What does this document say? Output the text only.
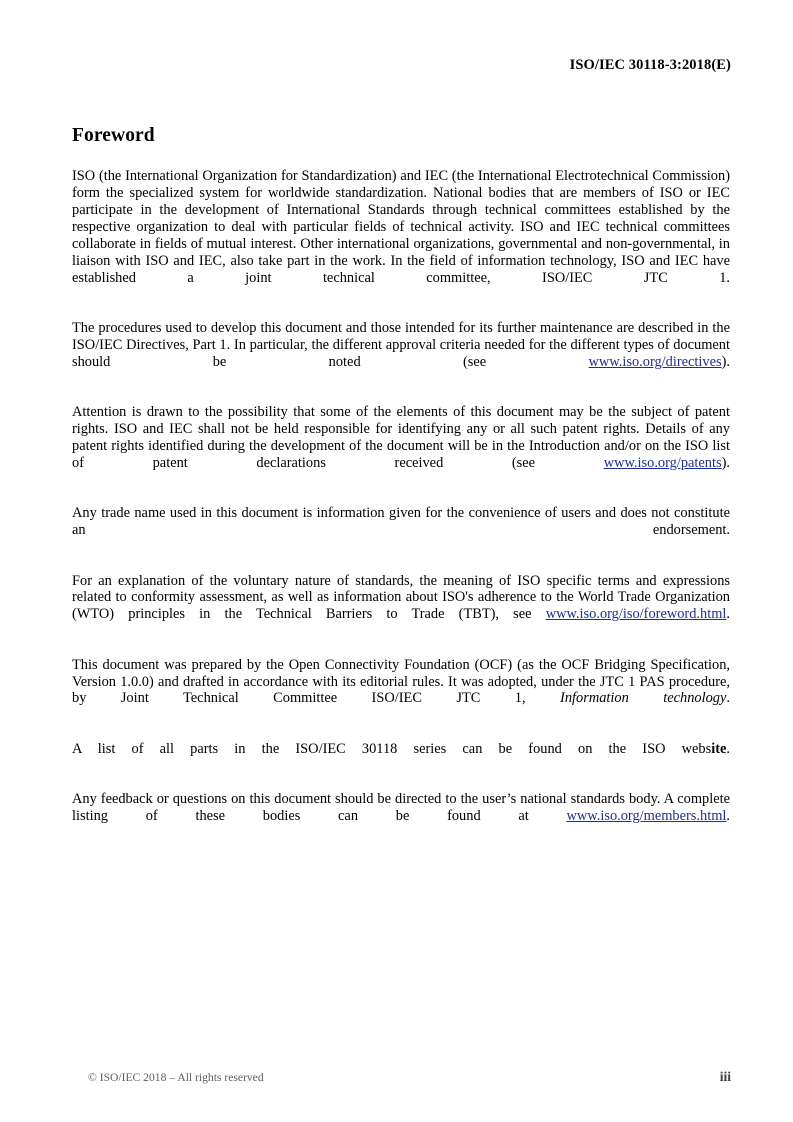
ISO/IEC 30118-3:2018(E)
Foreword

ISO (the International Organization for Standardization) and IEC (the International Electrotechnical Commission) form the specialized system for worldwide standardization. National bodies that are members of ISO or IEC participate in the development of International Standards through technical committees established by the respective organization to deal with particular fields of technical activity. ISO and IEC technical committees collaborate in fields of mutual interest. Other international organizations, governmental and non-governmental, in liaison with ISO and IEC, also take part in the work. In the field of information technology, ISO and IEC have established a joint technical committee, ISO/IEC JTC 1.

The procedures used to develop this document and those intended for its further maintenance are described in the ISO/IEC Directives, Part 1. In particular, the different approval criteria needed for the different types of document should be noted (see www.iso.org/directives).

Attention is drawn to the possibility that some of the elements of this document may be the subject of patent rights. ISO and IEC shall not be held responsible for identifying any or all such patent rights. Details of any patent rights identified during the development of the document will be in the Introduction and/or on the ISO list of patent declarations received (see www.iso.org/patents).

Any trade name used in this document is information given for the convenience of users and does not constitute an endorsement.

For an explanation of the voluntary nature of standards, the meaning of ISO specific terms and expressions related to conformity assessment, as well as information about ISO's adherence to the World Trade Organization (WTO) principles in the Technical Barriers to Trade (TBT), see www.iso.org/iso/foreword.html.

This document was prepared by the Open Connectivity Foundation (OCF) (as the OCF Bridging Specification, Version 1.0.0) and drafted in accordance with its editorial rules. It was adopted, under the JTC 1 PAS procedure, by Joint Technical Committee ISO/IEC JTC 1, Information technology.

A list of all parts in the ISO/IEC 30118 series can be found on the ISO website.

Any feedback or questions on this document should be directed to the user’s national standards body. A complete listing of these bodies can be found at www.iso.org/members.html.

© ISO/IEC 2018 – All rights reserved	iii
